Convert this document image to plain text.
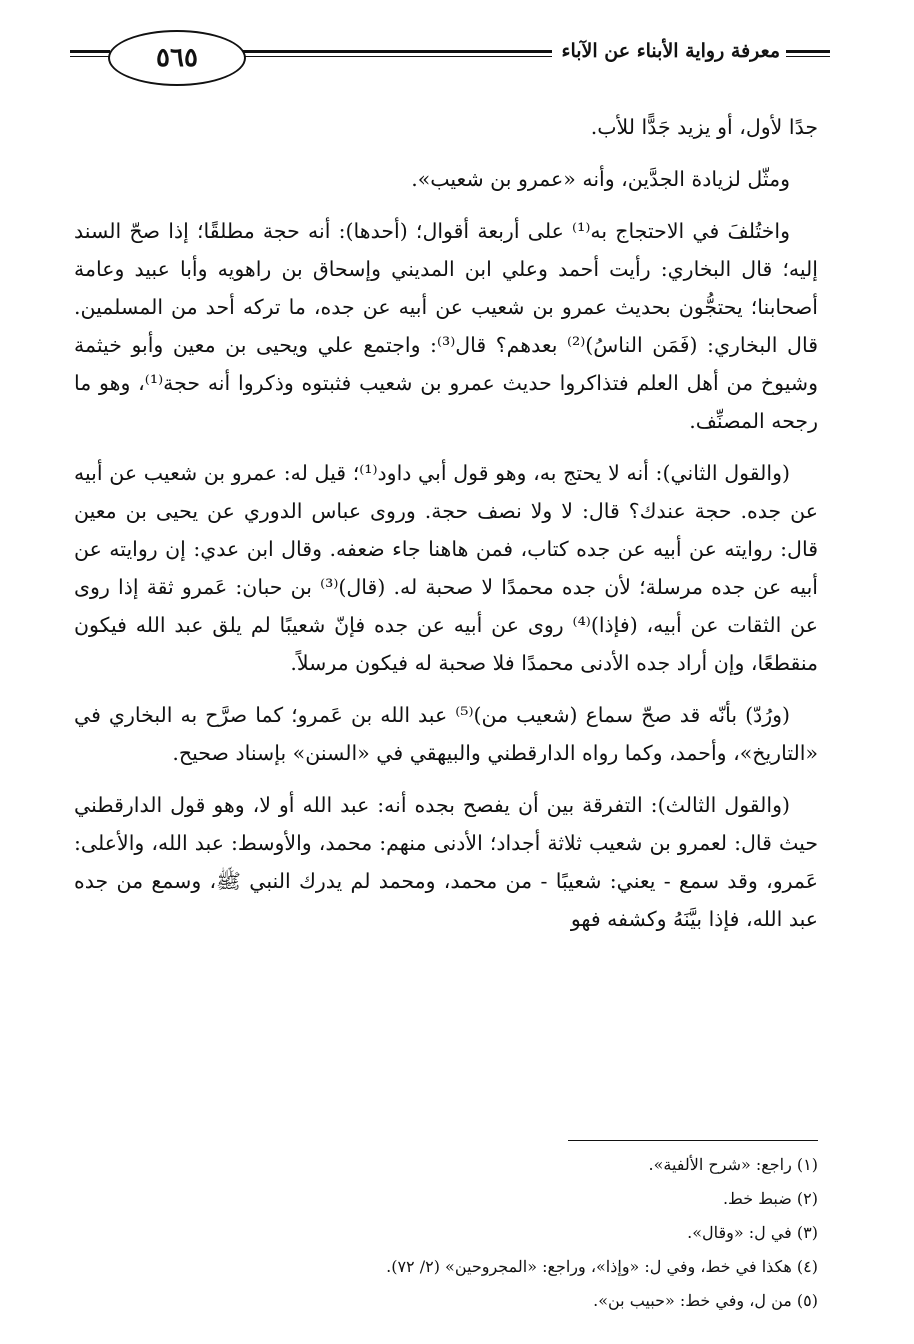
٥٦٥	معرفة رواية الأبناء عن الآباء

جدًا لأول، أو يزيد جَدًّا للأب.

ومثّل لزيادة الجدَّين، وأنه «عمرو بن شعيب».

واختُلفَ في الاحتجاج به⁽¹⁾ على أربعة أقوال؛ (أحدها): أنه حجة مطلقًا؛ إذا صحّ السند إليه؛ قال البخاري: رأيت أحمد وعلي ابن المديني وإسحاق بن راهويه وأبا عبيد وعامة أصحابنا؛ يحتجُّون بحديث عمرو بن شعيب عن أبيه عن جده، ما تركه أحد من المسلمين. قال البخاري: (فَمَن الناسُ)⁽²⁾ بعدهم؟ قال⁽³⁾: واجتمع علي ويحيى بن معين وأبو خيثمة وشيوخ من أهل العلم فتذاكروا حديث عمرو بن شعيب فثبتوه وذكروا أنه حجة⁽¹⁾، وهو ما رجحه المصنِّف.

(والقول الثاني): أنه لا يحتج به، وهو قول أبي داود⁽¹⁾؛ قيل له: عمرو بن شعيب عن أبيه عن جده. حجة عندك؟ قال: لا ولا نصف حجة. وروى عباس الدوري عن يحيى بن معين قال: روايته عن أبيه عن جده كتاب، فمن هاهنا جاء ضعفه. وقال ابن عدي: إن روايته عن أبيه عن جده مرسلة؛ لأن جده محمدًا لا صحبة له. (قال)⁽³⁾ بن حبان: عَمرو ثقة إذا روى عن الثقات عن أبيه، (فإذا)⁽⁴⁾ روى عن أبيه عن جده فإنّ شعيبًا لم يلق عبد الله فيكون منقطعًا، وإن أراد جده الأدنى محمدًا فلا صحبة له فيكون مرسلاً.

(ورُدّ) بأنّه قد صحّ سماع (شعيب من)⁽⁵⁾ عبد الله بن عَمرو؛ كما صرَّح به البخاري في «التاريخ»، وأحمد، وكما رواه الدارقطني والبيهقي في «السنن» بإسناد صحيح.

(والقول الثالث): التفرقة بين أن يفصح بجده أنه: عبد الله أو لا، وهو قول الدارقطني حيث قال: لعمرو بن شعيب ثلاثة أجداد؛ الأدنى منهم: محمد، والأوسط: عبد الله، والأعلى: عَمرو، وقد سمع - يعني: شعيبًا - من محمد، ومحمد لم يدرك النبي ﷺ، وسمع من جده عبد الله، فإذا بيَّنَهُ وكشفه فهو

(١) راجع: «شرح الألفية».
(٢) ضبط خط.
(٣) في ل: «وقال».
(٤) هكذا في خط، وفي ل: «وإذا»، وراجع: «المجروحين» (٢/ ٧٢).
(٥) من ل، وفي خط: «حبيب بن».
